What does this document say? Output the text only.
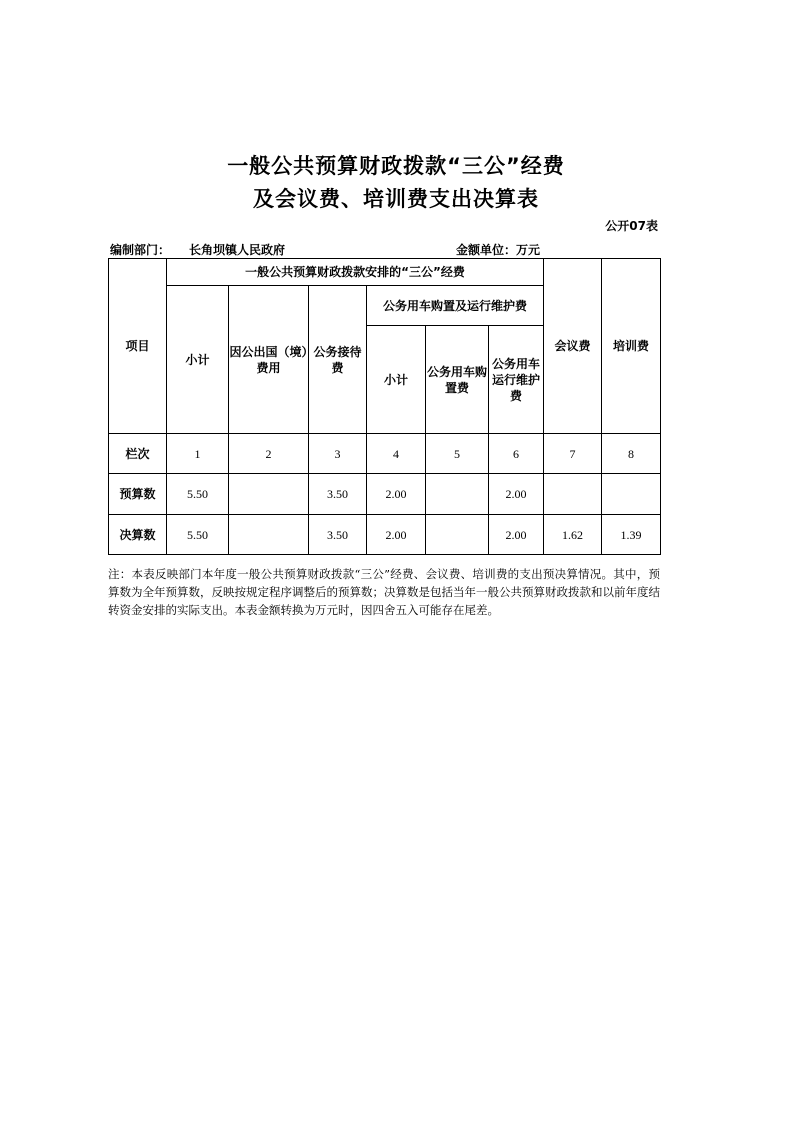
一般公共预算财政拨款“三公”经费
及会议费、培训费支出决算表
公开07表
编制部门： 长角坝镇人民政府	金额单位：万元
项目	一般公共预算财政拨款安排的“三公”经费						会议费	培训费
	小计	因公出国（境）费用	公务接待费	公务用车购置及运行维护费				
				小计	公务用车购置费	公务用车运行维护费		

栏次	1	2	3	4	5	6	7	8
预算数	5.50		3.50	2.00		2.00		
决算数	5.50		3.50	2.00		2.00	1.62	1.39
注：本表反映部门本年度一般公共预算财政拨款“三公”经费、会议费、培训费的支出预决算情况。其中，预算数为全年预算数，反映按规定程序调整后的预算数；决算数是包括当年一般公共预算财政拨款和以前年度结转资金安排的实际支出。本表金额转换为万元时，因四舍五入可能存在尾差。
